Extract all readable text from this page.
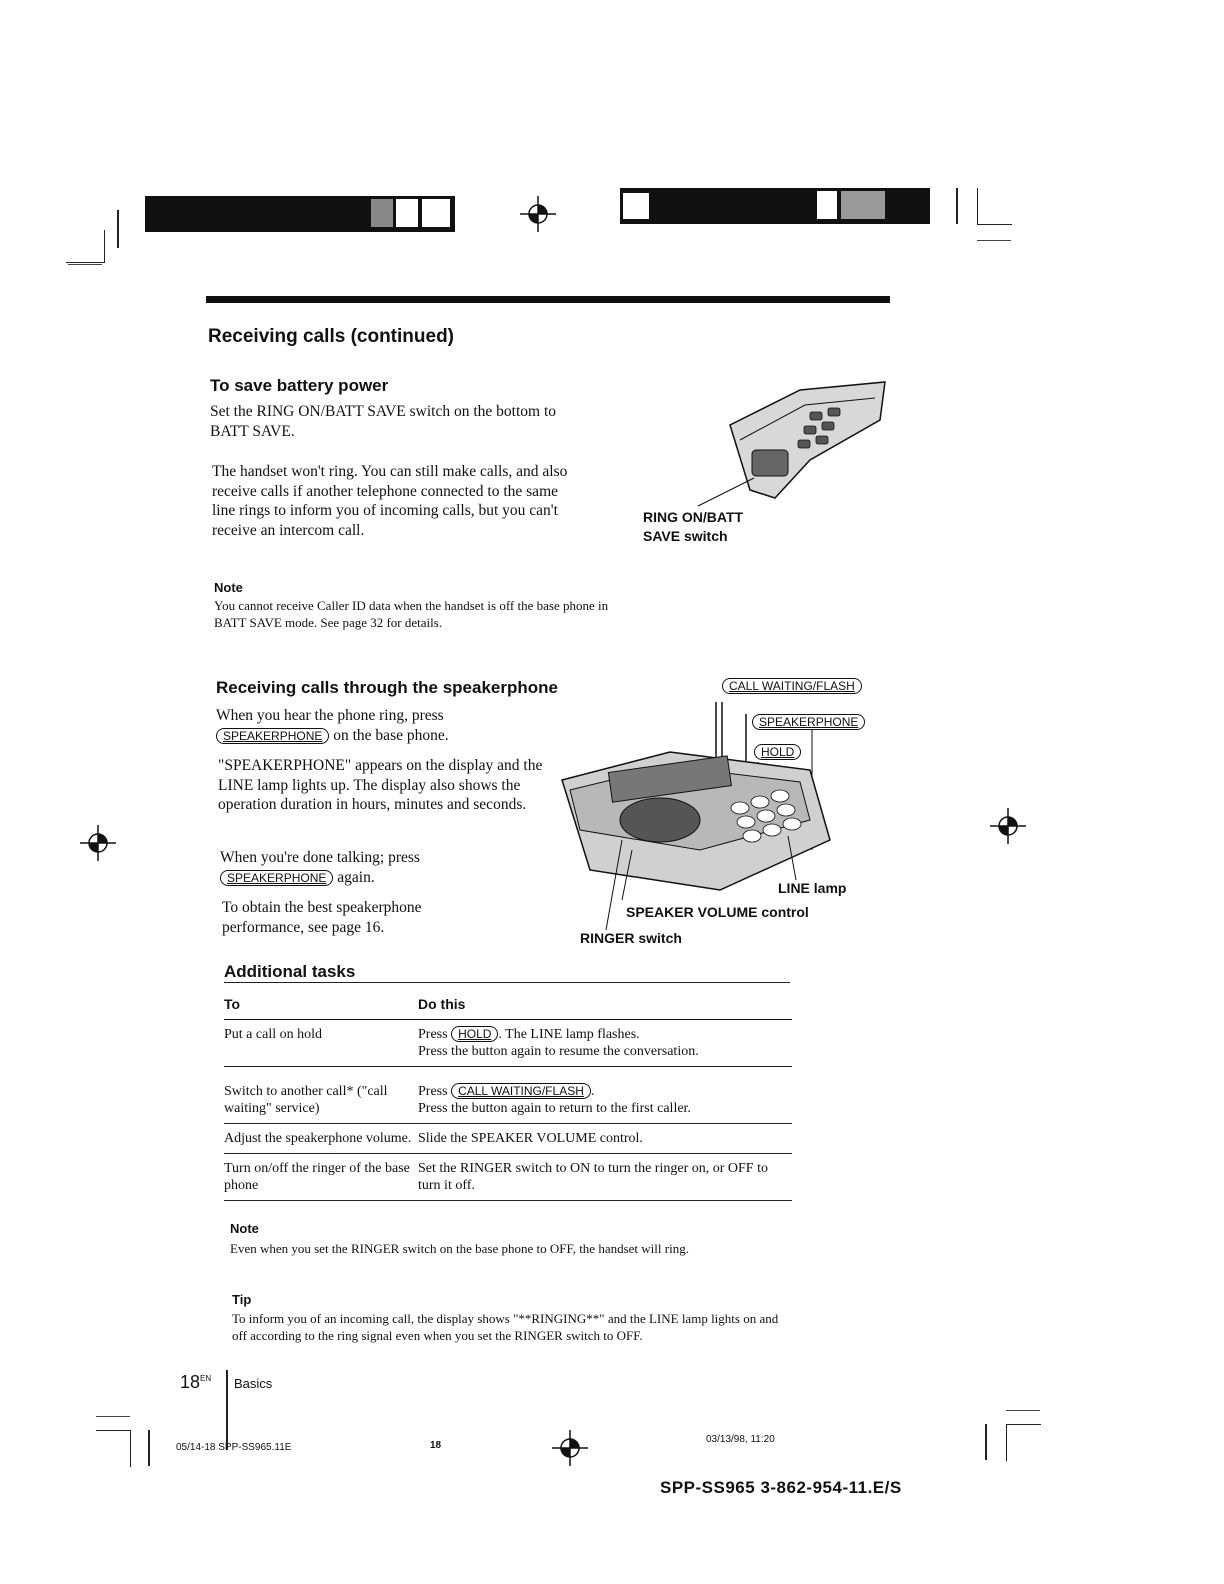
Receiving calls (continued)
To save battery power

Set the RING ON/BATT SAVE switch on the bottom to BATT SAVE.

The handset won't ring. You can still make calls, and also receive calls if another telephone connected to the same line rings to inform you of incoming calls, but you can't receive an intercom call.

RING ON/BATT
SAVE switch
Note

You cannot receive Caller ID data when the handset is off the base phone in BATT SAVE mode. See page 32 for details.

Receiving calls through the speakerphone

When you hear the phone ring, press
SPEAKERPHONE on the base phone.

"SPEAKERPHONE" appears on the display and the LINE lamp lights up. The display also shows the operation duration in hours, minutes and seconds.

When you're done talking; press
SPEAKERPHONE again.

To obtain the best speakerphone performance, see page 16.

CALL WAITING/FLASH
SPEAKERPHONE
HOLD
LINE lamp
SPEAKER VOLUME control
RINGER switch
Additional tasks
To	Do this
Put a call on hold	Press HOLD . The LINE lamp flashes.
Press the button again to resume the conversation.
Switch to another call* ("call waiting" service)	Press CALL WAITING/FLASH .
Press the button again to return to the first caller.
Adjust the speakerphone volume.	Slide the SPEAKER VOLUME control.
Turn on/off the ringer of the base phone	Set the RINGER switch to ON to turn the ringer on, or OFF to turn it off.
Note

Even when you set the RINGER switch on the base phone to OFF, the handset will ring.

Tip

To inform you of an incoming call, the display shows "**RINGING**" and the LINE lamp lights on and off according to the ring signal even when you set the RINGER switch to OFF.

$18^{EN}$ Basics
05/14-18 SPP-SS965.11E	18
03/13/98, 11:20
SPP-SS965 3-862-954-11.E/S
